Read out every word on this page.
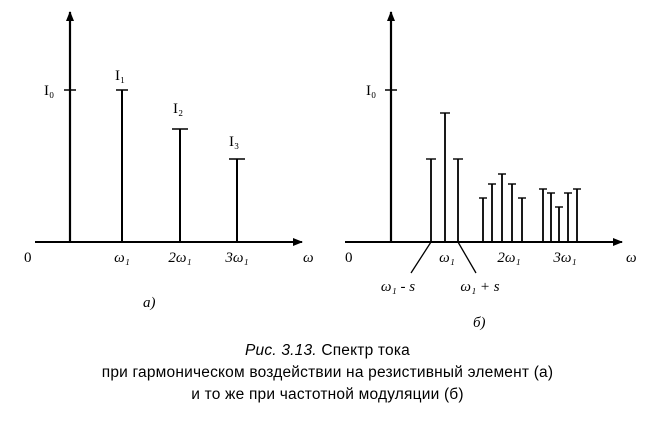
I₀
I₁
I₂
I₃
0	ω
ω₁	2ω₁ 3ω₁
а)
I₀
0	ω
ω₁	2ω₁ 3ω₁
ω₁ - s	ω₁ + s
б)
Рис. 3.13. Спектр тока
при гармоническом воздействии на резистивный элемент (а)
и то же при частотной модуляции (б)
